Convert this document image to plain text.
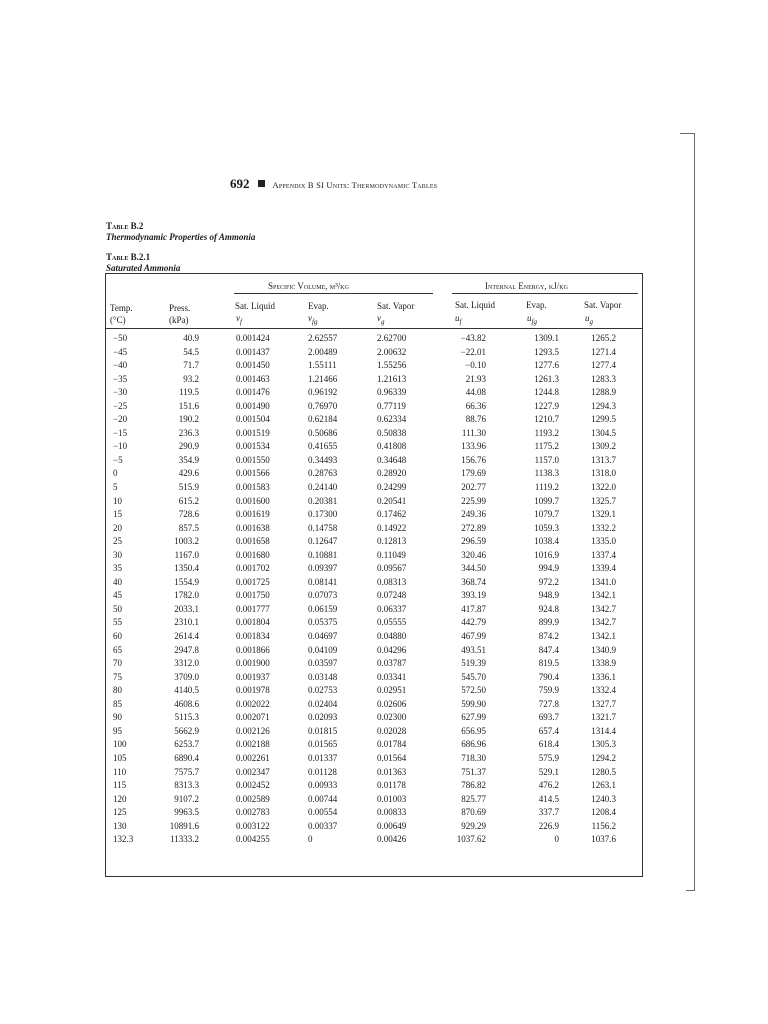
692	Appendix B SI Units: Thermodynamic Tables
Table B.2
Thermodynamic Properties of Ammonia
Table B.2.1
Saturated Ammonia
Specific Volume, m³/kg	Internal Energy, kJ/kg
Temp.
(°C)
Press.
(kPa)
Sat. Liquid	Evap.	Sat. Vapor	Sat. Liquid	Evap.	Sat. Vapor
$v_f$	$v_{fg}$	$v_g$	$u_f$	$u_{fg}$	$u_g$
−50	40.9	0.001424	2.62557	2.62700	−43.82	1309.1	1265.2
−45	54.5	0.001437	2.00489	2.00632	−22.01	1293.5	1271.4
−40	71.7	0.001450	1.55111	1.55256	−0.10	1277.6	1277.4
−35	93.2	0.001463	1.21466	1.21613	21.93	1261.3	1283.3
−30	119.5	0.001476	0.96192	0.96339	44.08	1244.8	1288.9
−25	151.6	0.001490	0.76970	0.77119	66.36	1227.9	1294.3
−20	190.2	0.001504	0.62184	0.62334	88.76	1210.7	1299.5
−15	236.3	0.001519	0.50686	0.50838	111.30	1193.2	1304.5
−10	290.9	0.001534	0.41655	0.41808	133.96	1175.2	1309.2
−5	354.9	0.001550	0.34493	0.34648	156.76	1157.0	1313.7
0	429.6	0.001566	0.28763	0.28920	179.69	1138.3	1318.0
5	515.9	0.001583	0.24140	0.24299	202.77	1119.2	1322.0
10	615.2	0.001600	0.20381	0.20541	225.99	1099.7	1325.7
15	728.6	0.001619	0.17300	0.17462	249.36	1079.7	1329.1
20	857.5	0.001638	0.14758	0.14922	272.89	1059.3	1332.2
25	1003.2	0.001658	0.12647	0.12813	296.59	1038.4	1335.0
30	1167.0	0.001680	0.10881	0.11049	320.46	1016.9	1337.4
35	1350.4	0.001702	0.09397	0.09567	344.50	994.9	1339.4
40	1554.9	0.001725	0.08141	0.08313	368.74	972.2	1341.0
45	1782.0	0.001750	0.07073	0.07248	393.19	948.9	1342.1
50	2033.1	0.001777	0.06159	0.06337	417.87	924.8	1342.7
55	2310.1	0.001804	0.05375	0.05555	442.79	899.9	1342.7
60	2614.4	0.001834	0.04697	0.04880	467.99	874.2	1342.1
65	2947.8	0.001866	0.04109	0.04296	493.51	847.4	1340.9
70	3312.0	0.001900	0.03597	0.03787	519.39	819.5	1338.9
75	3709.0	0.001937	0.03148	0.03341	545.70	790.4	1336.1
80	4140.5	0.001978	0.02753	0.02951	572.50	759.9	1332.4
85	4608.6	0.002022	0.02404	0.02606	599.90	727.8	1327.7
90	5115.3	0.002071	0.02093	0.02300	627.99	693.7	1321.7
95	5662.9	0.002126	0.01815	0.02028	656.95	657.4	1314.4
100	6253.7	0.002188	0.01565	0.01784	686.96	618.4	1305.3
105	6890.4	0.002261	0.01337	0.01564	718.30	575.9	1294.2
110	7575.7	0.002347	0.01128	0.01363	751.37	529.1	1280.5
115	8313.3	0.002452	0.00933	0.01178	786.82	476.2	1263.1
120	9107.2	0.002589	0.00744	0.01003	825.77	414.5	1240.3
125	9963.5	0.002783	0.00554	0.00833	870.69	337.7	1208.4
130	10891.6	0.003122	0.00337	0.00649	929.29	226.9	1156.2
132.3	11333.2	0.004255	0	0.00426	1037.62	0	1037.6
